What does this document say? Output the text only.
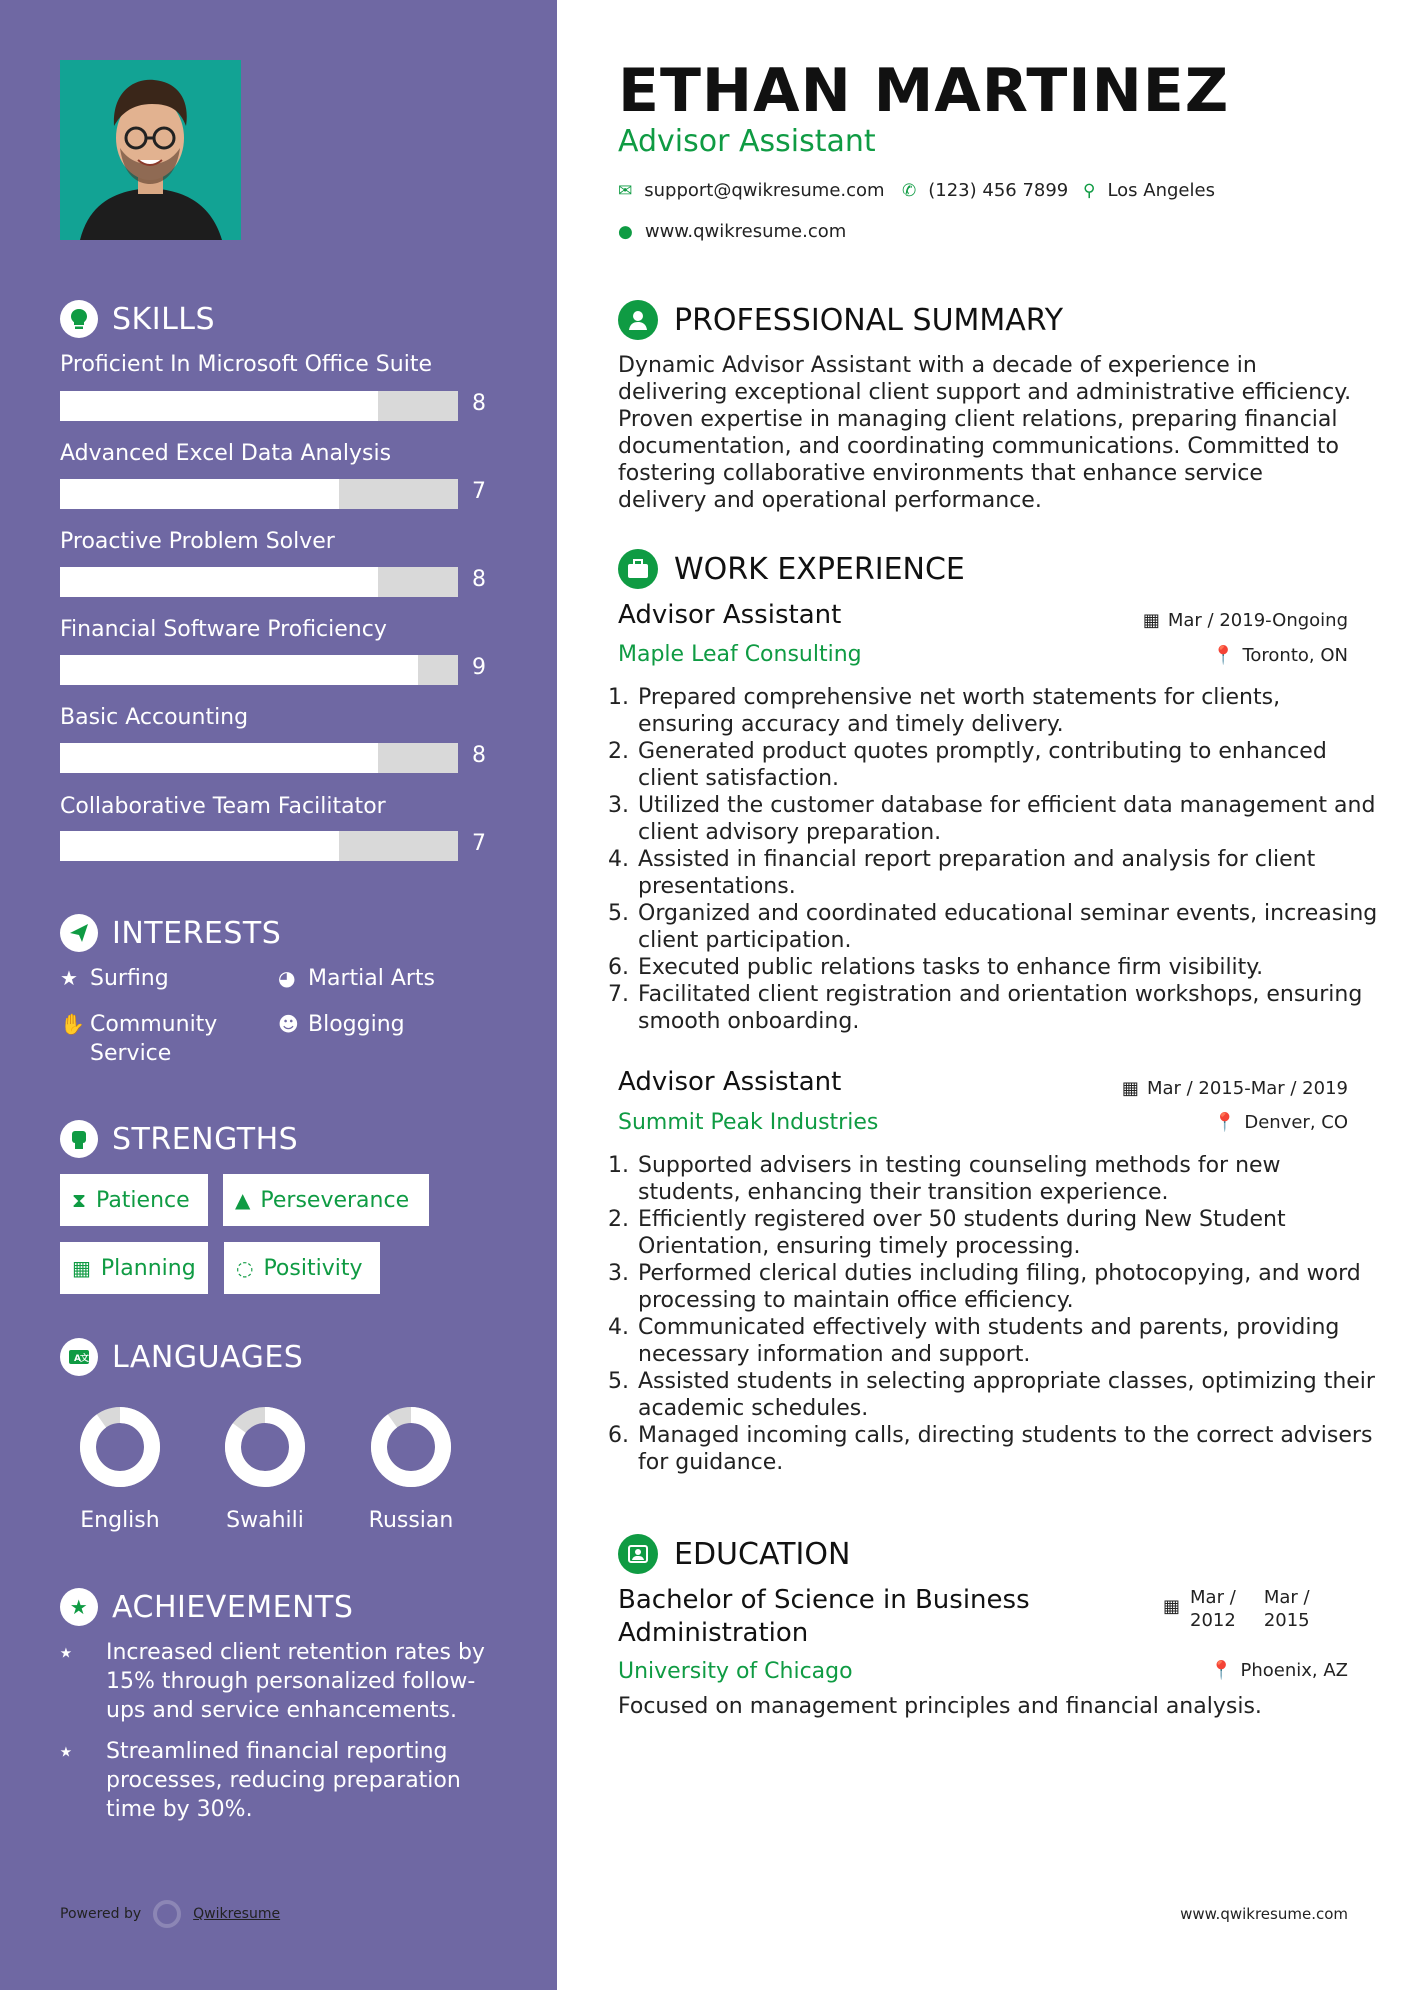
SKILLS
Proficient In Microsoft Office Suite
8
Advanced Excel Data Analysis
7
Proactive Problem Solver
8
Financial Software Proficiency
9
Basic Accounting
8
Collaborative Team Facilitator
7
INTERESTS
★ Surfing	◕ Martial Arts
✋ Community Service
☻ Blogging
STRENGTHS
⧗ Patience ▲ Perseverance
▦ Planning ◌ Positivity
A
文 LANGUAGES
English	Swahili	Russian
★ ACHIEVEMENTS
⭑	Increased client retention rates by 15% through personalized follow-ups and service enhancements.
⭑	Streamlined financial reporting processes, reducing preparation time by 30%.
Powered by	Qwikresume
ETHAN MARTINEZ
Advisor Assistant
✉ support@qwikresume.com ✆ (123) 456 7899 ⚲ Los Angeles
● www.qwikresume.com
PROFESSIONAL SUMMARY
Dynamic Advisor Assistant with a decade of experience in delivering exceptional client support and administrative efficiency. Proven expertise in managing client relations, preparing financial documentation, and coordinating communications. Committed to fostering collaborative environments that enhance service delivery and operational performance.
WORK EXPERIENCE
Advisor Assistant	▦ Mar / 2019-Ongoing
Maple Leaf Consulting	📍 Toronto, ON
1. Prepared comprehensive net worth statements for clients, ensuring accuracy and timely delivery.
2. Generated product quotes promptly, contributing to enhanced client satisfaction.
3. Utilized the customer database for efficient data management and client advisory preparation.
4. Assisted in financial report preparation and analysis for client presentations.
5. Organized and coordinated educational seminar events, increasing client participation.
6. Executed public relations tasks to enhance firm visibility.
7. Facilitated client registration and orientation workshops, ensuring smooth onboarding.
Advisor Assistant	▦ Mar / 2015-Mar / 2019
Summit Peak Industries	📍 Denver, CO
1. Supported advisers in testing counseling methods for new students, enhancing their transition experience.
2. Efficiently registered over 50 students during New Student Orientation, ensuring timely processing.
3. Performed clerical duties including filing, photocopying, and word processing to maintain office efficiency.
4. Communicated effectively with students and parents, providing necessary information and support.
5. Assisted students in selecting appropriate classes, optimizing their academic schedules.
6. Managed incoming calls, directing students to the correct advisers for guidance.
EDUCATION
Bachelor of Science in Business Administration
▦ Mar /
2012
Mar /
2015
University of Chicago	📍 Phoenix, AZ
Focused on management principles and financial analysis.
www.qwikresume.com
